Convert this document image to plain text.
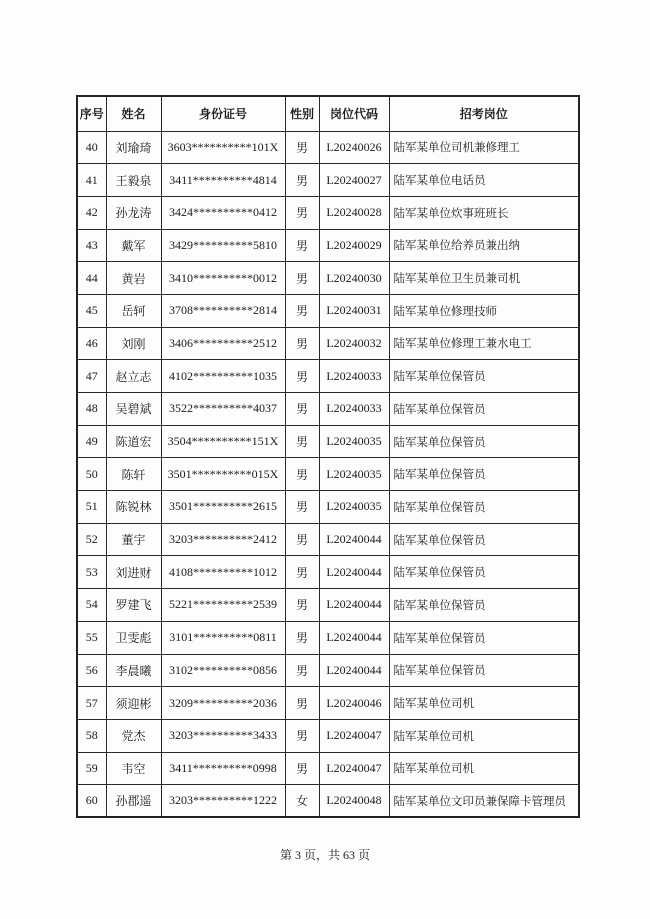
序号	姓名	身份证号	性别	岗位代码	招考岗位
40	刘瑜琦	3603**********101X	男	L20240026	陆军某单位司机兼修理工
41	王毅泉	3411**********4814	男	L20240027	陆军某单位电话员
42	孙龙涛	3424**********0412	男	L20240028	陆军某单位炊事班班长
43	戴军	3429**********5810	男	L20240029	陆军某单位给养员兼出纳
44	黄岩	3410**********0012	男	L20240030	陆军某单位卫生员兼司机
45	岳轲	3708**********2814	男	L20240031	陆军某单位修理技师
46	刘刚	3406**********2512	男	L20240032	陆军某单位修理工兼水电工
47	赵立志	4102**********1035	男	L20240033	陆军某单位保管员
48	吴碧斌	3522**********4037	男	L20240033	陆军某单位保管员
49	陈道宏	3504**********151X	男	L20240035	陆军某单位保管员
50	陈轩	3501**********015X	男	L20240035	陆军某单位保管员
51	陈锐林	3501**********2615	男	L20240035	陆军某单位保管员
52	董宇	3203**********2412	男	L20240044	陆军某单位保管员
53	刘进财	4108**********1012	男	L20240044	陆军某单位保管员
54	罗建飞	5221**********2539	男	L20240044	陆军某单位保管员
55	卫雯彪	3101**********0811	男	L20240044	陆军某单位保管员
56	李晨曦	3102**********0856	男	L20240044	陆军某单位保管员
57	须迎彬	3209**********2036	男	L20240046	陆军某单位司机
58	党杰	3203**********3433	男	L20240047	陆军某单位司机
59	韦空	3411**********0998	男	L20240047	陆军某单位司机
60	孙郡遥	3203**********1222	女	L20240048	陆军某单位文印员兼保障卡管理员
第 3 页，共 63 页
